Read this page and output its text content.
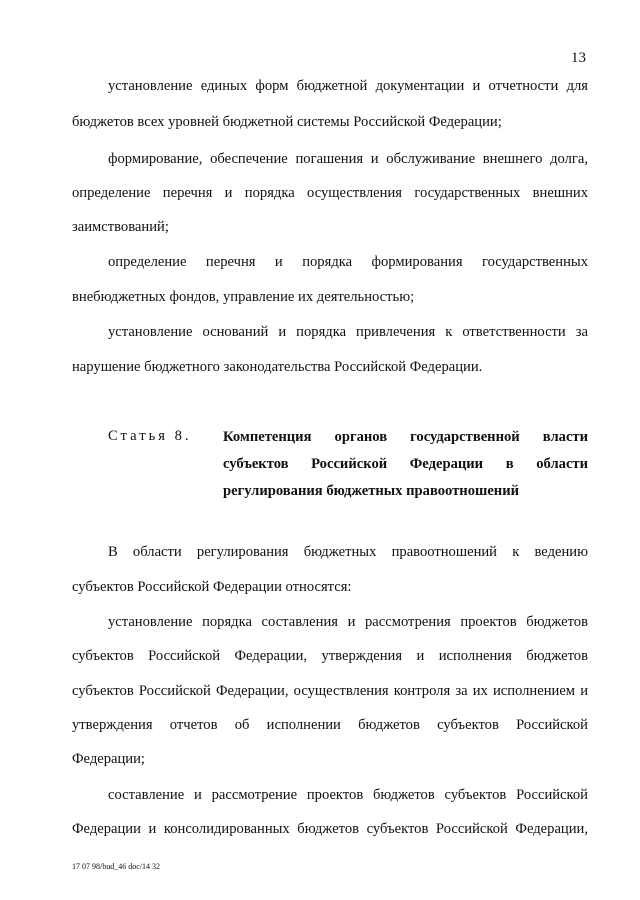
13
установление единых форм бюджетной документации и отчетности для
бюджетов всех уровней бюджетной системы Российской Федерации;
формирование, обеспечение погашения и обслуживание внешнего долга,
определение перечня и порядка осуществления государственных внешних
заимствований;
определение перечня и порядка формирования государственных
внебюджетных фондов, управление их деятельностью;
установление оснований и порядка привлечения к ответственности за
нарушение бюджетного законодательства Российской Федерации.
Статья 8. Компетенция органов государственной власти
субъектов Российской Федерации в области
регулирования бюджетных правоотношений
В области регулирования бюджетных правоотношений к ведению
субъектов Российской Федерации относятся:
установление порядка составления и рассмотрения проектов бюджетов
субъектов Российской Федерации, утверждения и исполнения бюджетов
субъектов Российской Федерации, осуществления контроля за их исполнением и
утверждения отчетов об исполнении бюджетов субъектов Российской
Федерации;
составление и рассмотрение проектов бюджетов субъектов Российской
Федерации и консолидированных бюджетов субъектов Российской Федерации,
17 07 98/bud_46 doc/14 32
